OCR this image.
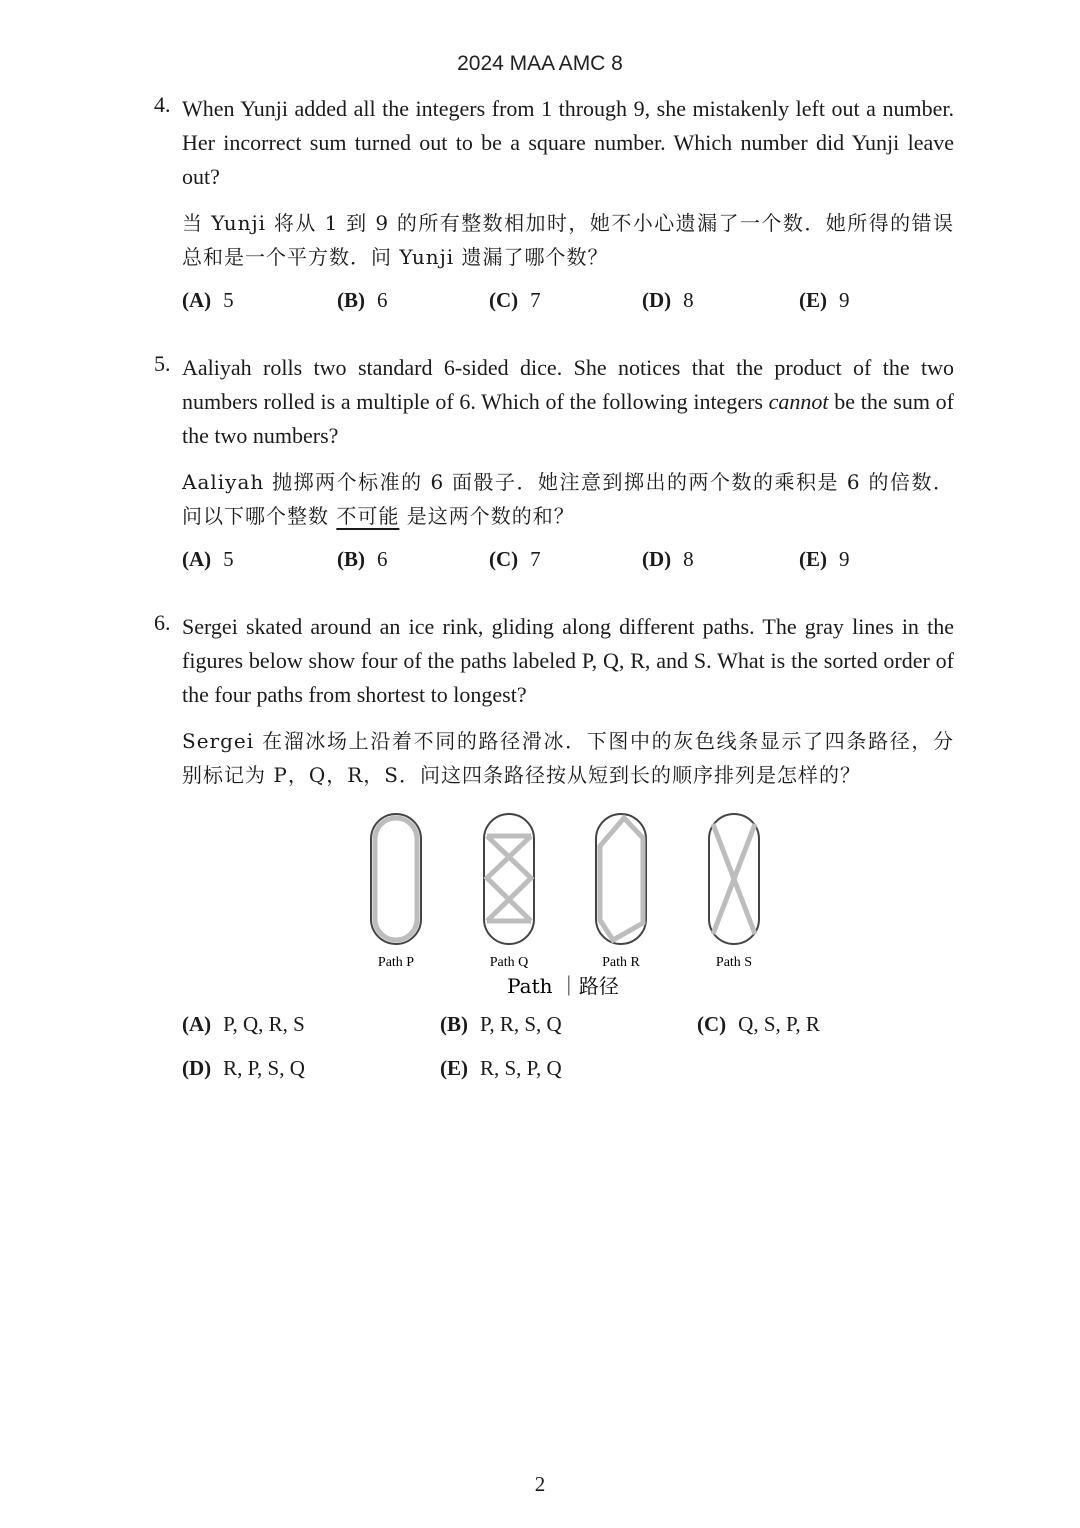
2024 MAA AMC 8
4. When Yunji added all the integers from 1 through 9, she mistakenly left out a number. Her incorrect sum turned out to be a square number. Which number did Yunji leave out?
当 Yunji 将从 1 到 9 的所有整数相加时，她不小心遗漏了一个数．她所得的错误总和是一个平方数．问 Yunji 遗漏了哪个数？
(A) 5	(B) 6	(C) 7	(D) 8	(E) 9
5. Aaliyah rolls two standard 6-sided dice. She notices that the product of the two numbers rolled is a multiple of 6. Which of the following integers cannot be the sum of the two numbers?
Aaliyah 抛掷两个标准的 6 面骰子．她注意到掷出的两个数的乘积是 6 的倍数．问以下哪个整数 不可能 是这两个数的和？
(A) 5	(B) 6	(C) 7	(D) 8	(E) 9
6. Sergei skated around an ice rink, gliding along different paths. The gray lines in the figures below show four of the paths labeled P, Q, R, and S. What is the sorted order of the four paths from shortest to longest?
Sergei 在溜冰场上沿着不同的路径滑冰．下图中的灰色线条显示了四条路径，分别标记为 P，Q，R，S．问这四条路径按从短到长的顺序排列是怎样的？
Path P	Path Q	Path R	Path S
Path ｜路径
(A) P, Q, R, S	(B) P, R, S, Q	(C) Q, S, P, R
(D) R, P, S, Q	(E) R, S, P, Q
2
